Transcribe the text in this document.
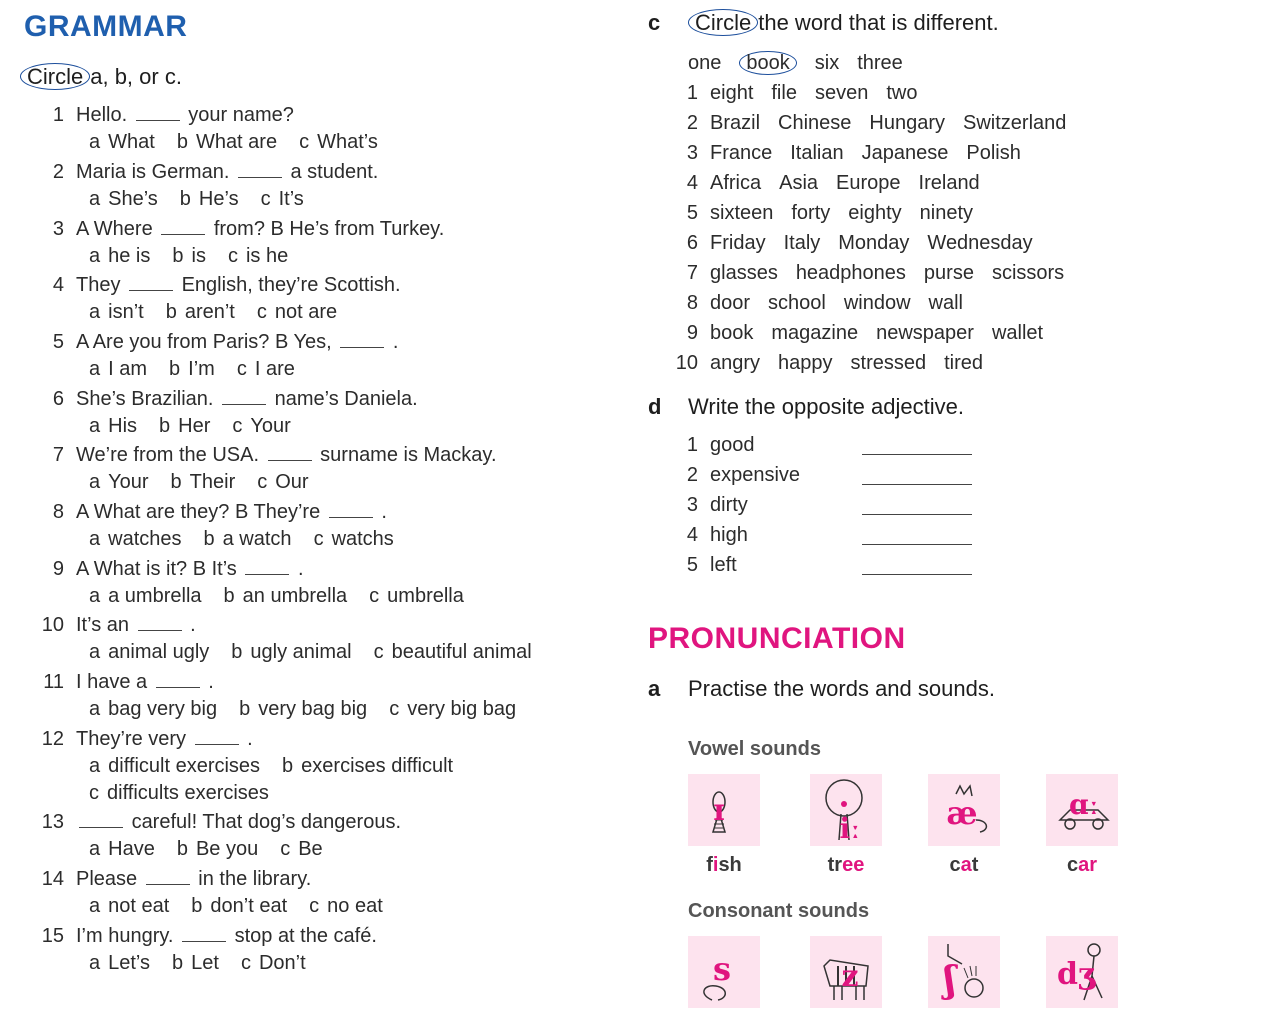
GRAMMAR
Circle a, b, or c.
1 Hello.	your name?
a What b What are c What’s
2 Maria is German.	a student.
a She’s b He’s c It’s
3 A Where	from? B He’s from Turkey.
a he is b is c is he
4 They	English, they’re Scottish.
a isn’t b aren’t c not are
5 A Are you from Paris? B Yes,	.
a I am b I’m c I are
6 She’s Brazilian.	name’s Daniela.
a His b Her c Your
7 We’re from the USA.	surname is Mackay.
a Your b Their c Our
8 A What are they? B They’re	.
a watches b a watch c watchs
9 A What is it? B It’s	.
a a umbrella b an umbrella c umbrella
10 It’s an	.
a animal ugly b ugly animal c beautiful animal
11 I have a	.
a bag very big b very bag big c very big bag
12 They’re very	.
a difficult exercises b exercises difficult
c difficults exercises
13	careful! That dog’s dangerous.
a Have b Be you c Be
14 Please	in the library.
a not eat b don’t eat c no eat
15 I’m hungry.	stop at the café.
a Let’s b Let c Don’t
c Circle the word that is different.
one book six three
1 eight file seven two
2 Brazil Chinese Hungary Switzerland
3 France Italian Japanese Polish
4 Africa Asia Europe Ireland
5 sixteen forty eighty ninety
6 Friday Italy Monday Wednesday
7 glasses headphones purse scissors
8 door school window wall
9 book magazine newspaper wallet
10 angry happy stressed tired
d Write the opposite adjective.
1 good
2 expensive
3 dirty
4 high
5 left
PRONUNCIATION
a Practise the words and sounds.
Vowel sounds
Consonant sounds
ɪ
iː	æ	ɑː
fish	tree	cat	car
s	z ʃ	dʒ
